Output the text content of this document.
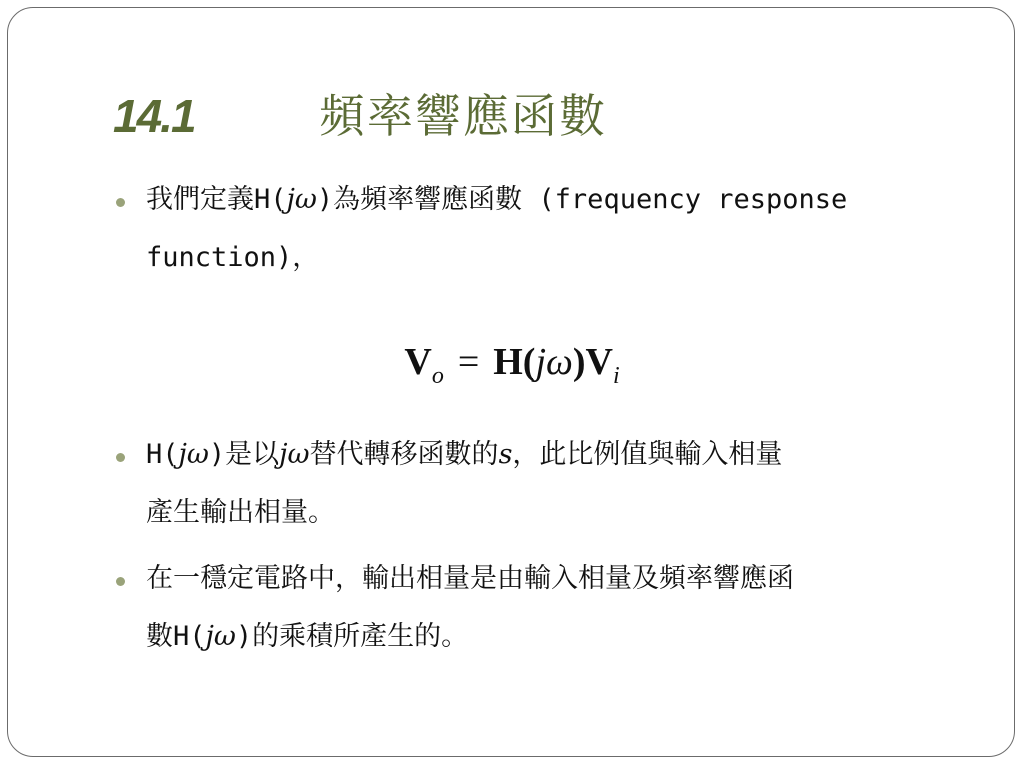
14.1	頻率響應函數
我們定義H(jω)為頻率響應函數 (frequency response
function)，
$V_o = H(j\omega)V_i$
H(jω)是以jω替代轉移函數的s，此比例值與輸入相量
產生輸出相量。
在一穩定電路中，輸出相量是由輸入相量及頻率響應函
數H(jω)的乘積所產生的。
